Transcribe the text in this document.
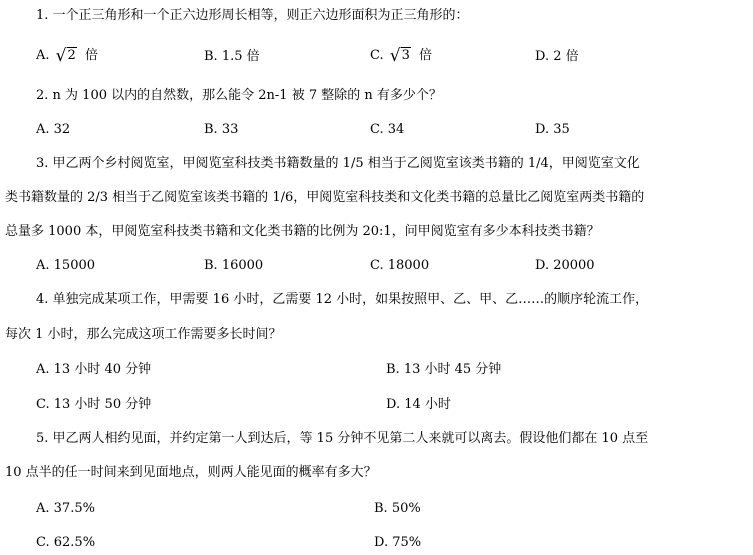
1. 一个正三角形和一个正六边形周长相等，则正六边形面积为正三角形的：
A. √2 倍	B. 1.5 倍	C. √3 倍	D. 2 倍
2. n 为 100 以内的自然数，那么能令 2n-1 被 7 整除的 n 有多少个？
A. 32	B. 33	C. 34	D. 35
3. 甲乙两个乡村阅览室，甲阅览室科技类书籍数量的 1/5 相当于乙阅览室该类书籍的 1/4，甲阅览室文化
类书籍数量的 2/3 相当于乙阅览室该类书籍的 1/6，甲阅览室科技类和文化类书籍的总量比乙阅览室两类书籍的
总量多 1000 本，甲阅览室科技类书籍和文化类书籍的比例为 20:1，问甲阅览室有多少本科技类书籍？
A. 15000	B. 16000	C. 18000	D. 20000
4. 单独完成某项工作，甲需要 16 小时，乙需要 12 小时，如果按照甲、乙、甲、乙……的顺序轮流工作，
每次 1 小时，那么完成这项工作需要多长时间？
A. 13 小时 40 分钟	B. 13 小时 45 分钟
C. 13 小时 50 分钟	D. 14 小时
5. 甲乙两人相约见面，并约定第一人到达后，等 15 分钟不见第二人来就可以离去。假设他们都在 10 点至
10 点半的任一时间来到见面地点，则两人能见面的概率有多大？
A. 37.5%	B. 50%
C. 62.5%	D. 75%
